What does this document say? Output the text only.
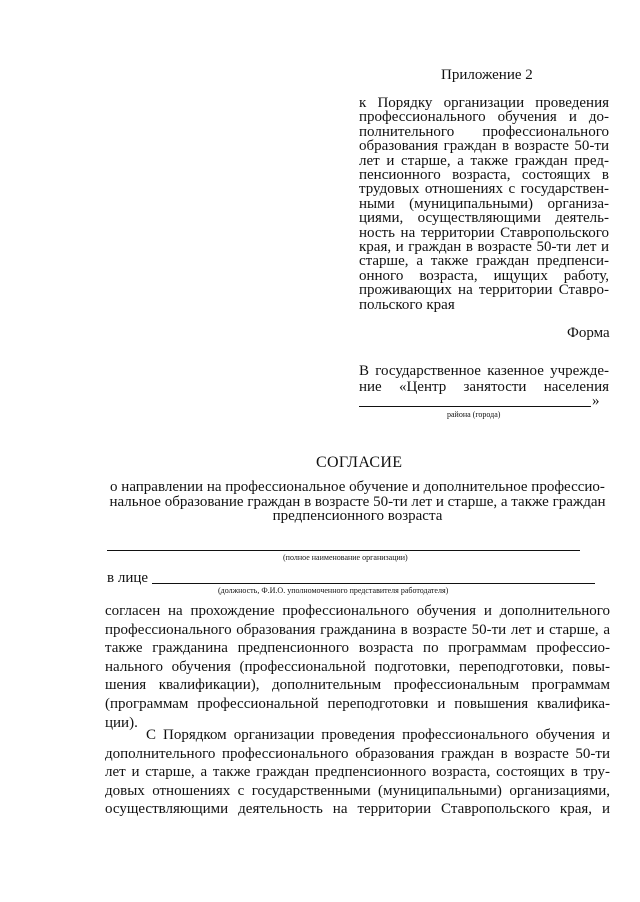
Приложение 2
к Порядку организации проведения
профессионального обучения и до-
полнительного профессионального
образования граждан в возрасте 50-ти
лет и старше, а также граждан пред-
пенсионного возраста, состоящих в
трудовых отношениях с государствен-
ными (муниципальными) организа-
циями, осуществляющими деятель-
ность на территории Ставропольского
края, и граждан в возрасте 50-ти лет и
старше, а также граждан предпенси-
онного возраста, ищущих работу,
проживающих на территории Ставро-
польского края
Форма
В государственное казенное учрежде-
ние «Центр занятости населения
»
района (города)
СОГЛАСИЕ
о направлении на профессиональное обучение и дополнительное профессио-
нальное образование граждан в возрасте 50-ти лет и старше, а также граждан
предпенсионного возраста
(полное наименование организации)
в лице
(должность, Ф.И.О. уполномоченного представителя работодателя)
согласен на прохождение профессионального обучения и дополнительного
профессионального образования гражданина в возрасте 50-ти лет и старше, а
также гражданина предпенсионного возраста по программам профессио-
нального обучения (профессиональной подготовки, переподготовки, повы-
шения квалификации), дополнительным профессиональным программам
(программам профессиональной переподготовки и повышения квалифика-
ции).
С Порядком организации проведения профессионального обучения и
дополнительного профессионального образования граждан в возрасте 50-ти
лет и старше, а также граждан предпенсионного возраста, состоящих в тру-
довых отношениях с государственными (муниципальными) организациями,
осуществляющими деятельность на территории Ставропольского края, и
